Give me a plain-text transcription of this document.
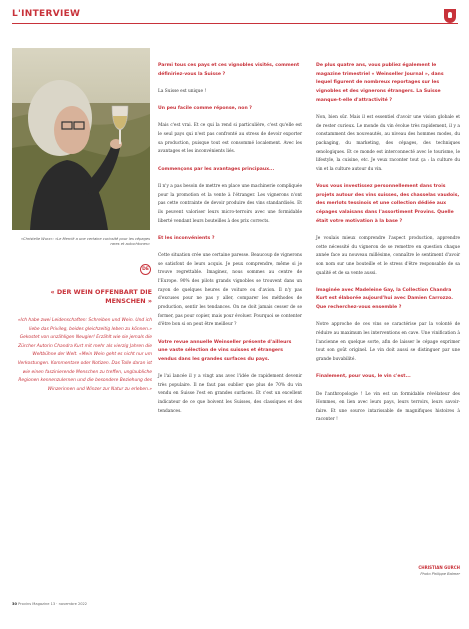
L'INTERVIEW
«Christelle Wurz»: «Le Mercié a une certaine curiosité pour les cépages rares et autochtones»
DE
« DER WEIN OFFENBART DIE MENSCHEN »
«Ich habe zwei Leidenschaften: Schreiben und Wein. Und ich liebe das Privileg, beides gleichzeitig leben zu können.» Gekostet von unzähligen Neugier! Erzählt wie sie jemals die Zürcher Autorin Chandra Kurt mit mehr als vierzig Jahren die Weltbühne der Welt. «Mein Wein geht es nicht nur um Verkostungen. Kommentare oder Notizen. Das Tolle daran ist wie einen faszinierende Menschen zu treffen, unglaubliche Regionen kennenzulernen und die besondere Beziehung des Winzerinnen und Winzer zur Natur zu erleben.»

Parmi tous ces pays et ces vignobles visités, comment définiriez-vous la Suisse ?

La Suisse est unique !

Un peu facile comme réponse, non ?

Mais c'est vrai. Et ce qui la rend si particulière, c'est qu'elle est le seul pays qui n'est pas confronté au stress de devoir exporter sa production, puisque tout est consommé localement. Avec les avantages et les inconvénients liés.

Commençons par les avantages principaux...

Il n'y a pas besoin de mettre en place une machinerie compliquée pour la promotion et la vente à l'étranger. Les vignerons n'ont pas cette contrainte de devoir produire des vins standardisés. Et ils peuvent valoriser leurs micro-terroirs avec une formidable liberté vendant leurs bouteilles à des prix corrects.

Et les inconvénients ?

Cette situation crée une certaine paresse. Beaucoup de vignerons se satisfont de leurs acquis. Je peux comprendre, même si je trouve regrettable. Imaginez, nous sommes au centre de l'Europe. 90% des pilots grands vignobles se trouvent dans un rayon de quelques heures de voiture ou d'avion. Il n'y pas d'excuses pour ne pas y aller, comparer les méthodes de production, sentir les tendances. On ne doit jamais cesser de se former, pas pour copier, mais pour évoluer. Pourquoi se contenter d'être bon si on peut être meilleur ?

Votre revue annuelle Weinseller présente d'ailleurs une vaste sélection de vins suisses et étrangers vendus dans les grandes surfaces du pays.

Je l'ai lancée il y a vingt ans avec l'idée de rapidement devenir très populaire. Il ne faut pas oublier que plus de 70% du vin vendu en Suisse l'est en grandes surfaces. Et c'est un excellent indicateur de ce que boivent les Suisses, des classiques et des tendances.

De plus quatre ans, vous publiez également le magazine trimestriel « Weinseller Journal », dans lequel figurent de nombreux reportages sur les vignobles et des vignerons étrangers. La Suisse manque-t-elle d'attractivité ?

Non, bien sûr. Mais il est essentiel d'avoir une vision globale et de rester curieux. Le monde du vin évolue très rapidement, il y a constamment des nouveautés, au niveau des hommes modes, du packaging, du marketing, des cépages, des techniques œnologiques. Et ce monde est interconnecté avec le tourisme, le lifestyle, la cuisine, etc. Je veux raconter tout ça : la culture du vin et la culture autour du vin.

Vous vous investissez personnellement dans trois projets autour des vins suisses, des chasselas vaudois, des merlots tessinois et une collection dédiée aux cépages valaisans dans l'assortiment Provins. Quelle était votre motivation à la base ?

Je voulais mieux comprendre l'aspect production, apprendre cette nécessité du vigneron de se remettre en question chaque année face au nouveau millésime, connaître le sentiment d'avoir son nom sur une bouteille et le stress d'être responsable de sa qualité et de sa vente aussi.

Imaginée avec Madeleine Gay, la Collection Chandra Kurt est élaborée aujourd'hui avec Damien Carrozzo. Que recherchez-vous ensemble ?

Notre approche de ces vins se caractérise par la volonté de réduire au maximum les interventions en cave. Une vinification à l'ancienne en quelque sorte, afin de laisser le cépage exprimer tout son goût originel. Le vin doit aussi se distinguer par une grande buvabilité.

Finalement, pour vous, le vin c'est...

De l'anthropologie ! Le vin est un formidable révélateur des Hommes, en lien avec leurs pays, leurs terroirs, leurs savoir-faire. Et une source intarissable de magnifiques histoires à raconter !

CHRISTIAN GURCH
Photo Philippe Balmer
30 Provins Magazine 13 · novembre 2022
